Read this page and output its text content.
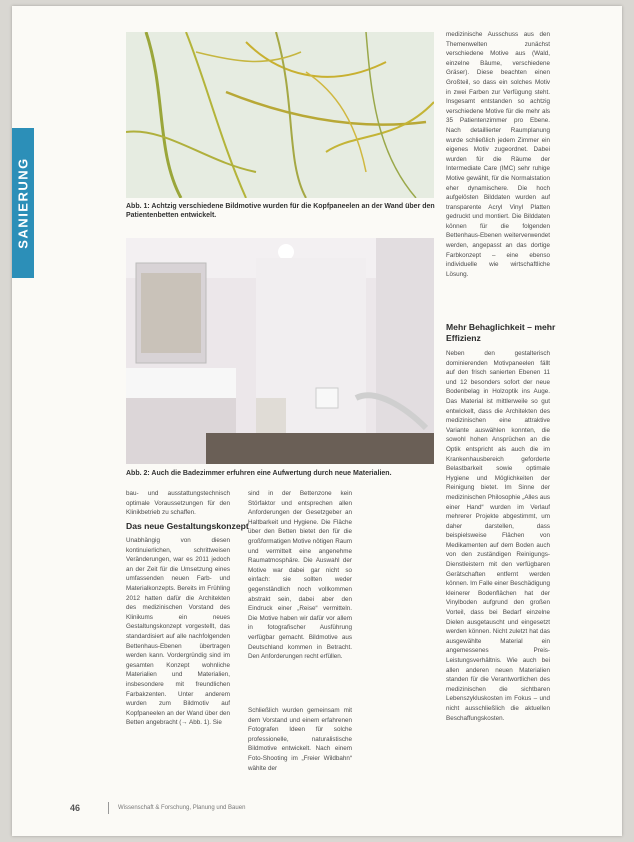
SANIERUNG	Abb. 1: Achtzig verschiedene Bildmotive wurden für die Kopfpaneelen an der Wand über den Patientenbetten entwickelt.
Abb. 2: Auch die Badezimmer erfuhren eine Aufwertung durch neue Materialien.

bau- und ausstattungstechnisch optimale Voraussetzungen für den Klinikbetrieb zu schaffen.

Das neue Gestaltungskonzept

Unabhängig von diesen kontinuierlichen, schrittweisen Veränderungen, war es 2011 jedoch an der Zeit für die Umsetzung eines umfassenden neuen Farb- und Materialkonzepts. Bereits im Frühling 2012 hatten dafür die Architekten des medizinischen Vorstand des Klinikums ein neues Gestaltungskonzept vorgestellt, das standardisiert auf alle nachfolgenden Bettenhaus-Ebenen übertragen werden kann. Vordergründig sind im gesamten Konzept wohnliche Materialien und Materialien, insbesondere mit freundlichen Farbakzenten. Unter anderem wurden zum Bildmotiv auf Kopfpaneelen an der Wand über den Betten angebracht (→ Abb. 1). Sie

sind in der Bettenzone kein Störfaktor und entsprechen allen Anforderungen der Gesetzgeber an Haltbarkeit und Hygiene. Die Fläche über den Betten bietet den für die großformatigen Motive nötigen Raum und vermittelt eine angenehme Raumatmosphäre. Die Auswahl der Motive war dabei gar nicht so einfach: sie sollten weder gegenständlich noch vollkommen abstrakt sein, dabei aber den Eindruck einer „Reise“ vermitteln. Die Motive haben wir dafür vor allem in fotografischer Ausführung verfügbar gemacht. Bildmotive aus Deutschland kommen in Betracht. Den Anforderungen recht erfüllen.

Schließlich wurden gemeinsam mit dem Vorstand und einem erfahrenen Fotografen Ideen für solche professionelle, naturalistische Bildmotive entwickelt. Nach einem Foto-Shooting im „Freier Wildbahn“ wählte der

medizinische Ausschuss aus den Themenwelten zunächst verschiedene Motive aus (Wald, einzelne Bäume, verschiedene Gräser). Diese beachten einen Großteil, so dass ein solches Motiv in zwei Farben zur Verfügung steht. Insgesamt entstanden so achtzig verschiedene Motive für die mehr als 35 Patientenzimmer pro Ebene. Nach detaillierter Raumplanung wurde schließlich jedem Zimmer ein eigenes Motiv zugeordnet. Dabei wurden für die Räume der Intermediate Care (IMC) sehr ruhige Motive gewählt, für die Normalstation eher dynamischere. Die hoch aufgelösten Bilddaten wurden auf transparente Acryl Vinyl Platten gedruckt und montiert. Die Bilddaten können für die folgenden Bettenhaus-Ebenen weiterverwendet werden, angepasst an das dortige Farbkonzept – eine ebenso individuelle wie wirtschaftliche Lösung.

Mehr Behaglichkeit – mehr Effizienz

Neben den gestalterisch dominierenden Motivpaneelen fällt auf den frisch sanierten Ebenen 11 und 12 besonders sofort der neue Bodenbelag in Holzoptik ins Auge. Das Material ist mittlerweile so gut entwickelt, dass die Architekten des medizinischen eine attraktive Variante auswählen konnten, die sowohl hohen Ansprüchen an die Optik entspricht als auch die im Krankenhausbereich geforderte Belastbarkeit sowie optimale Hygiene und Möglichkeiten der Reinigung bietet. Im Sinne der medizinischen Philosophie „Alles aus einer Hand“ wurden im Verlauf mehrerer Projekte abgestimmt, um daher darstellen, dass beispielsweise Flächen von Medikamenten auf dem Boden auch von den zuständigen Reinigungs-Dienstleistern mit den verfügbaren Gerätschaften entfernt werden können. Im Falle einer Beschädigung kleinerer Bodenflächen hat der Vinylboden aufgrund den großen Vorteil, dass bei Bedarf einzelne Dielen ausgetauscht und eingesetzt werden können. Nicht zuletzt hat das ausgewählte Material ein angemessenes Preis-Leistungsverhältnis. Wie auch bei allen anderen neuen Materialien standen für die Verantwortlichen des medizinischen die sichtbaren Lebenszykluskosten im Fokus – und nicht ausschließlich die aktuellen Beschaffungskosten.

46	Wissenschaft & Forschung, Planung und Bauen
